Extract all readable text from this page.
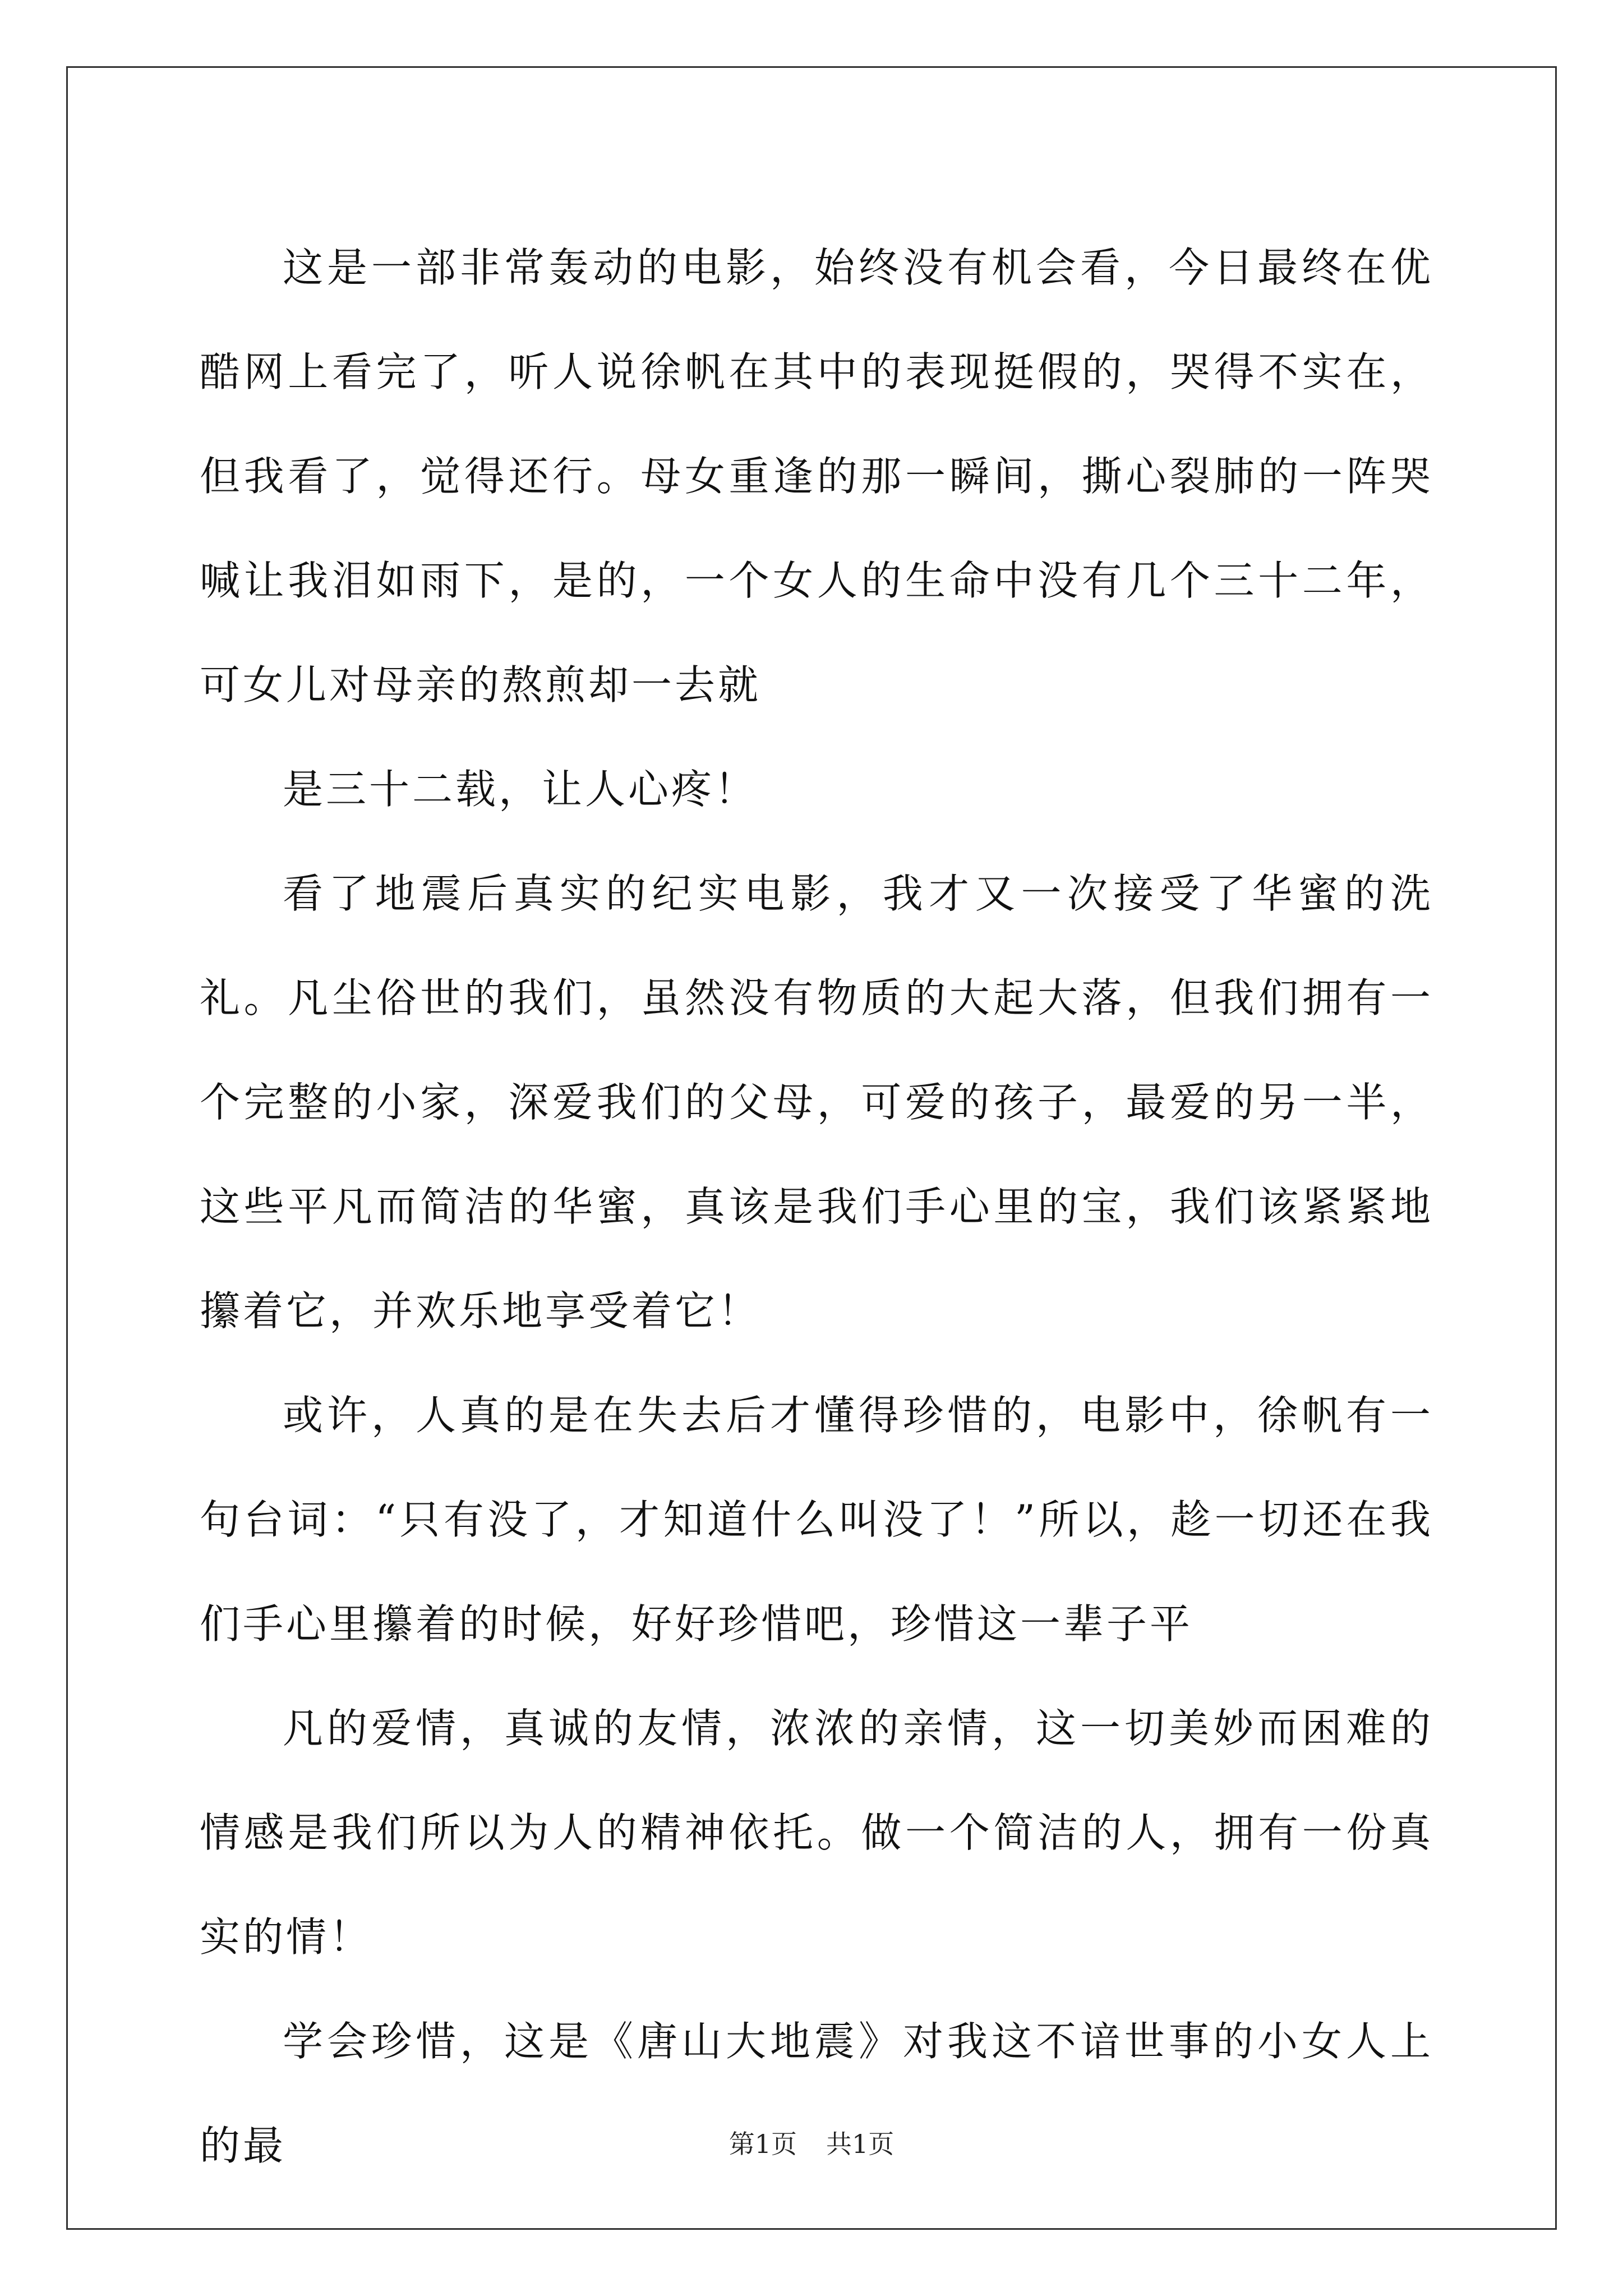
这是一部非常轰动的电影，始终没有机会看，今日最终在优酷网上看完了，听人说徐帆在其中的表现挺假的，哭得不实在，但我看了，觉得还行。母女重逢的那一瞬间，撕心裂肺的一阵哭喊让我泪如雨下，是的，一个女人的生命中没有几个三十二年，可女儿对母亲的熬煎却一去就

是三十二载，让人心疼！

看了地震后真实的纪实电影，我才又一次接受了华蜜的洗礼。凡尘俗世的我们，虽然没有物质的大起大落，但我们拥有一个完整的小家，深爱我们的父母，可爱的孩子，最爱的另一半，这些平凡而简洁的华蜜，真该是我们手心里的宝，我们该紧紧地攥着它，并欢乐地享受着它！

或许，人真的是在失去后才懂得珍惜的，电影中，徐帆有一句台词：“只有没了，才知道什么叫没了！”所以，趁一切还在我们手心里攥着的时候，好好珍惜吧，珍惜这一辈子平

凡的爱情，真诚的友情，浓浓的亲情，这一切美妙而困难的情感是我们所以为人的精神依托。做一个简洁的人，拥有一份真实的情！

学会珍惜，这是《唐山大地震》对我这不谙世事的小女人上的最	第1页 共1页
